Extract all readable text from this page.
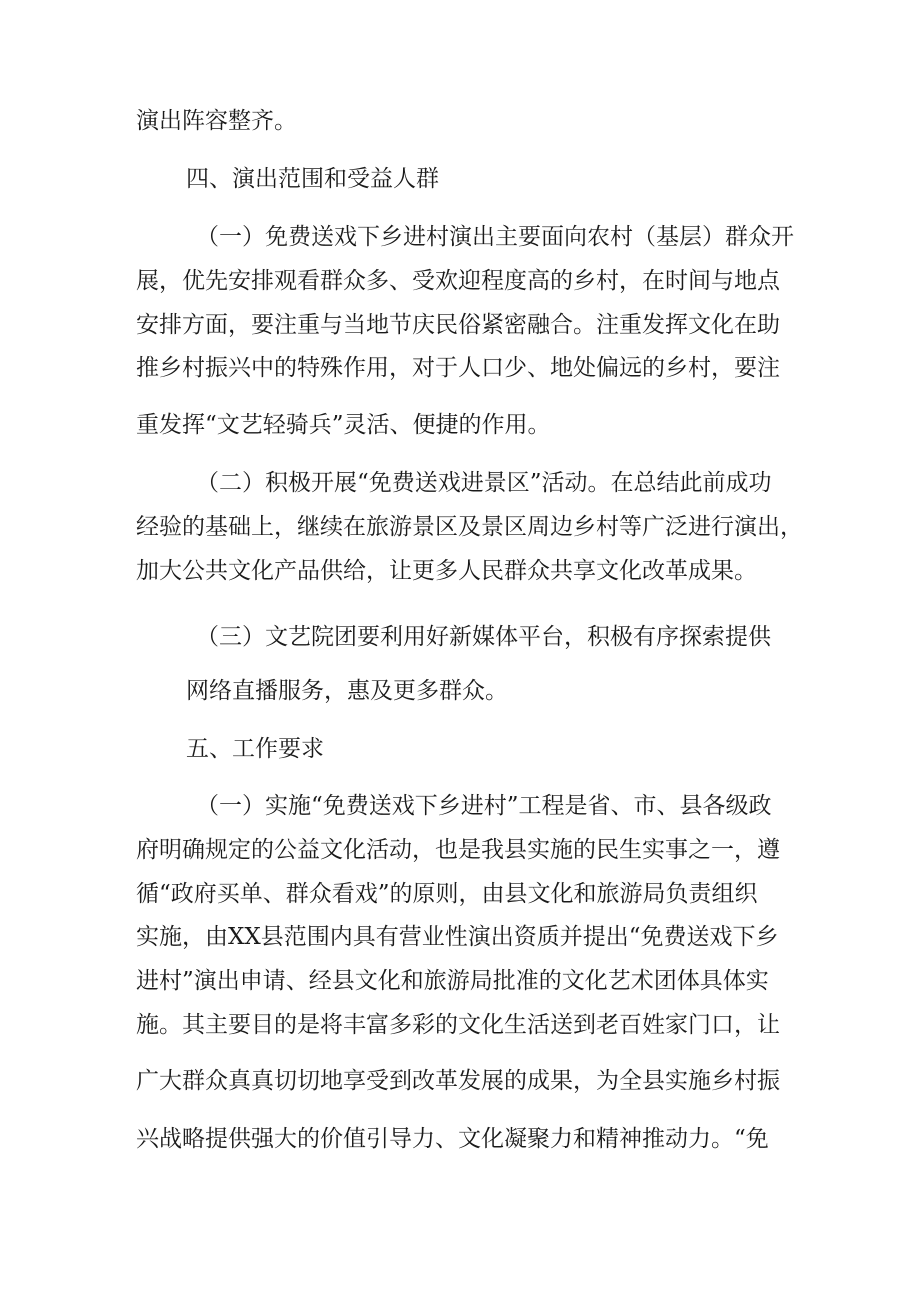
演出阵容整齐。
四、演出范围和受益人群
（一）免费送戏下乡进村演出主要面向农村（基层）群众开
展，优先安排观看群众多、受欢迎程度高的乡村，在时间与地点
安排方面，要注重与当地节庆民俗紧密融合。注重发挥文化在助
推乡村振兴中的特殊作用，对于人口少、地处偏远的乡村，要注
重发挥“文艺轻骑兵”灵活、便捷的作用。
（二）积极开展“免费送戏进景区”活动。在总结此前成功
经验的基础上，继续在旅游景区及景区周边乡村等广泛进行演出，
加大公共文化产品供给，让更多人民群众共享文化改革成果。
（三）文艺院团要利用好新媒体平台，积极有序探索提供
网络直播服务，惠及更多群众。
五、工作要求
（一）实施“免费送戏下乡进村”工程是省、市、县各级政
府明确规定的公益文化活动，也是我县实施的民生实事之一，遵
循“政府买单、群众看戏”的原则，由县文化和旅游局负责组织
实施，由XX县范围内具有营业性演出资质并提出“免费送戏下乡
进村”演出申请、经县文化和旅游局批准的文化艺术团体具体实
施。其主要目的是将丰富多彩的文化生活送到老百姓家门口，让
广大群众真真切切地享受到改革发展的成果，为全县实施乡村振
兴战略提供强大的价值引导力、文化凝聚力和精神推动力。“免
